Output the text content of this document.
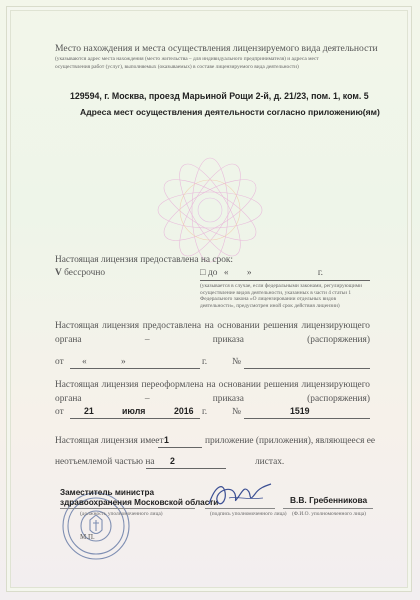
Место нахождения и места осуществления лицензируемого вида деятельности
(указываются адрес места нахождения (место жительства – для индивидуального предпринимателя) и адреса мест
осуществления работ (услуг), выполняемых (оказываемых) в составе лицензируемого вида деятельности)
129594, г. Москва, проезд Марьиной Рощи 2-й, д. 21/23, пом. 1, ком. 5
Адреса мест осуществления деятельности согласно приложению(ям)
Настоящая лицензия предоставлена на срок:
V бессрочно	□ до « »	г.
(указывается в случае, если федеральными законами, регулирующими осуществление видов деятельности, указанных в части 4 статьи 1 Федерального закона «О лицензировании отдельных видов деятельности», предусмотрен иной срок действия лицензии)
Настоящая лицензия предоставлена на основании решения лицензирующего органа – приказа (распоряжения)
от «	»	г.	№
Настоящая лицензия переоформлена на основании решения лицензирующего органа – приказа (распоряжения)
от 21	июля	2016 г.	№	1519
Настоящая лицензия имеет 1	приложение (приложения), являющееся ее
неотъемлемой частью на 2	листах.
Заместитель министра
здравоохранения Московской области
(должность уполномоченного лица)	(подпись уполномоченного лица)
В.В. Гребенникова
(Ф.И.О. уполномоченного лица)
М.П.
